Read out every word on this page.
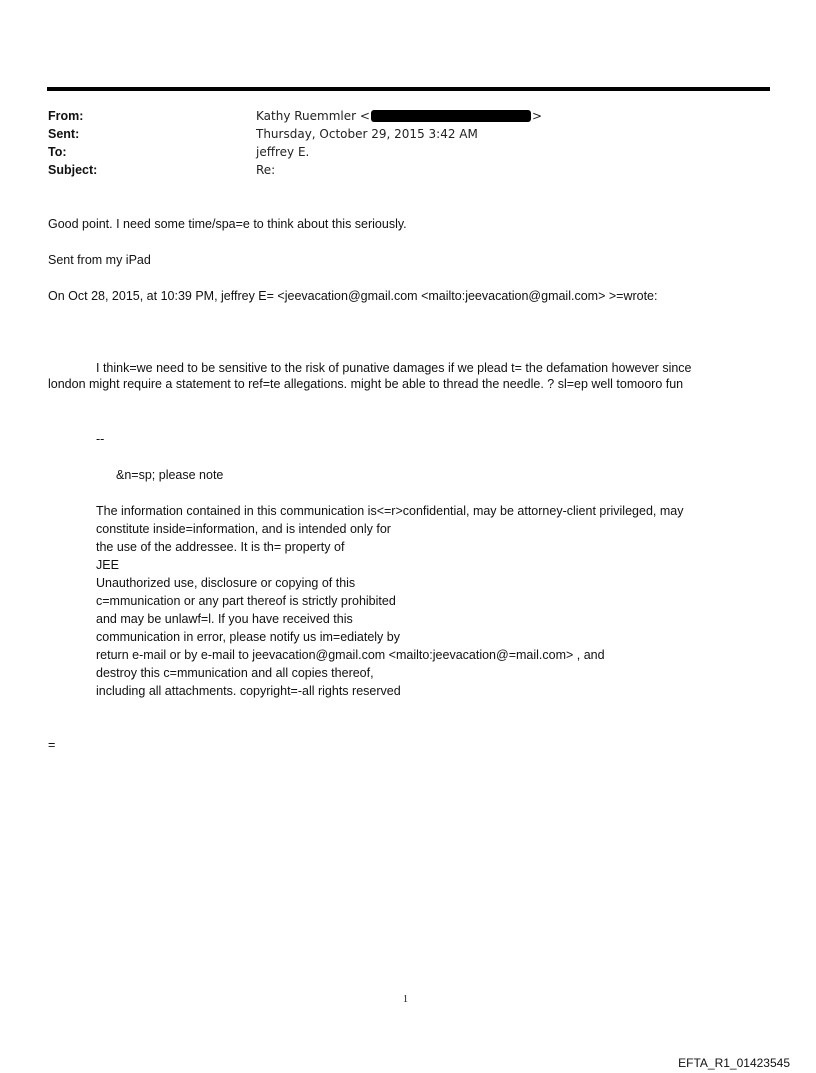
From:	Kathy Ruemmler <	>
Sent:	Thursday, October 29, 2015 3:42 AM
To:	jeffrey E.
Subject:	Re:
Good point. I need some time/spa=e to think about this seriously.
Sent from my iPad
On Oct 28, 2015, at 10:39 PM, jeffrey E= <jeevacation@gmail.com <mailto:jeevacation@gmail.com> >=wrote:
I think=we need to be sensitive to the risk of punative damages if we plead t= the defamation however since
london might require a statement to ref=te allegations. might be able to thread the needle. ? sl=ep well tomooro fun
--
&n=sp; please note
The information contained in this communication is<=r>confidential, may be attorney-client privileged, may
constitute inside=information, and is intended only for
the use of the addressee. It is th= property of
JEE
Unauthorized use, disclosure or copying of this
c=mmunication or any part thereof is strictly prohibited
and may be unlawf=l. If you have received this
communication in error, please notify us im=ediately by
return e-mail or by e-mail to jeevacation@gmail.com <mailto:jeevacation@=mail.com> , and
destroy this c=mmunication and all copies thereof,
including all attachments. copyright=-all rights reserved
=
1
EFTA_R1_01423545
